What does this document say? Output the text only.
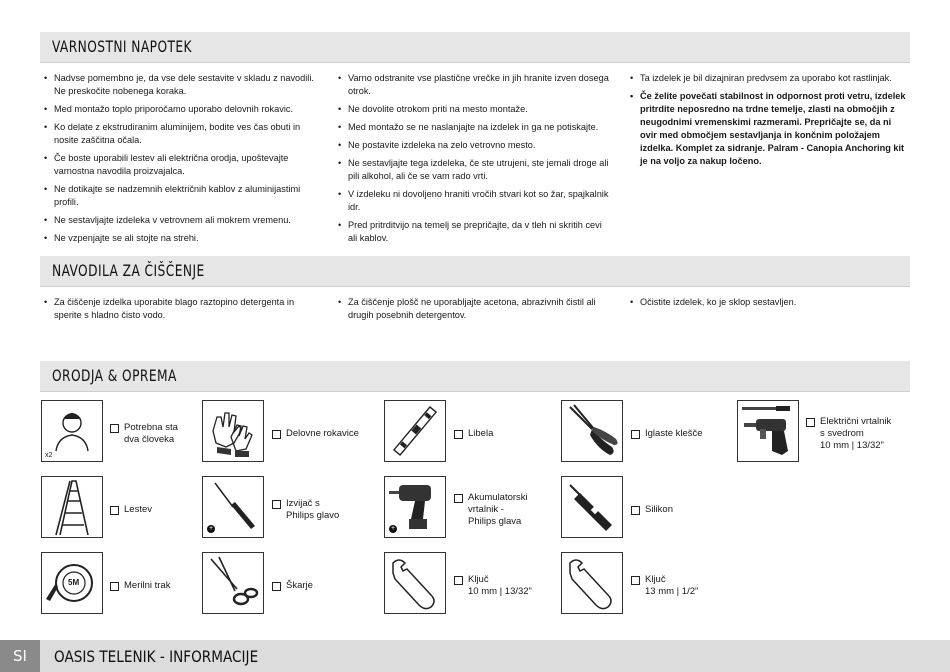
VARNOSTNI NAPOTEK
• Nadvse pomembno je, da vse dele sestavite v skladu z navodili. Ne preskočite nobenega koraka.
• Med montažo toplo priporočamo uporabo delovnih rokavic.
• Ko delate z ekstrudiranim aluminijem, bodite ves čas obuti in nosite zaščitna očala.
• Če boste uporabili lestev ali električna orodja, upoštevajte varnostna navodila proizvajalca.
• Ne dotikajte se nadzemnih električnih kablov z aluminijastimi profili.
• Ne sestavljajte izdeleka v vetrovnem ali mokrem vremenu.
• Ne vzpenjajte se ali stojte na strehi.
• Varno odstranite vse plastične vrečke in jih hranite izven dosega otrok.
• Ne dovolite otrokom priti na mesto montaže.
• Med montažo se ne naslanjajte na izdelek in ga ne potiskajte.
• Ne postavite izdeleka na zelo vetrovno mesto.
• Ne sestavljajte tega izdeleka, če ste utrujeni, ste jemali droge ali pili alkohol, ali če se vam rado vrti.
• V izdeleku ni dovoljeno hraniti vročih stvari kot so žar, spajkalnik idr.
• Pred pritrditvijo na temelj se prepričajte, da v tleh ni skritih cevi ali kablov.
• Ta izdelek je bil dizajniran predvsem za uporabo kot rastlinjak.
• Če želite povečati stabilnost in odpornost proti vetru, izdelek pritrdite neposredno na trdne temelje, zlasti na območjih z neugodnimi vremenskimi razmerami. Prepričajte se, da ni ovir med območjem sestavljanja in končnim položajem izdelka. Komplet za sidranje. Palram - Canopia Anchoring kit je na voljo za nakup ločeno.
NAVODILA ZA ČIŠČENJE
• Za čiščenje izdelka uporabite blago raztopino detergenta in sperite s hladno čisto vodo.
• Za čiščenje plošč ne uporabljajte acetona, abrazivnih čistil ali drugih posebnih detergentov.
• Očistite izdelek, ko je sklop sestavljen.
ORODJA & OPREMA
x2
Potrebna sta
dva človeka
Delovne rokavice	Libela	Iglaste klešče
Električni vrtalnik
s svedrom
10 mm | 13/32"
Lestev
+
Izvijač s
Philips glavo
+
Akumulatorski
vrtalnik -
Philips glava
Silikon
5M	Merilni trak	Škarje
Ključ
10 mm | 13/32"
Ključ
13 mm | 1/2"
SI	OASIS TELENIK - INFORMACIJE
